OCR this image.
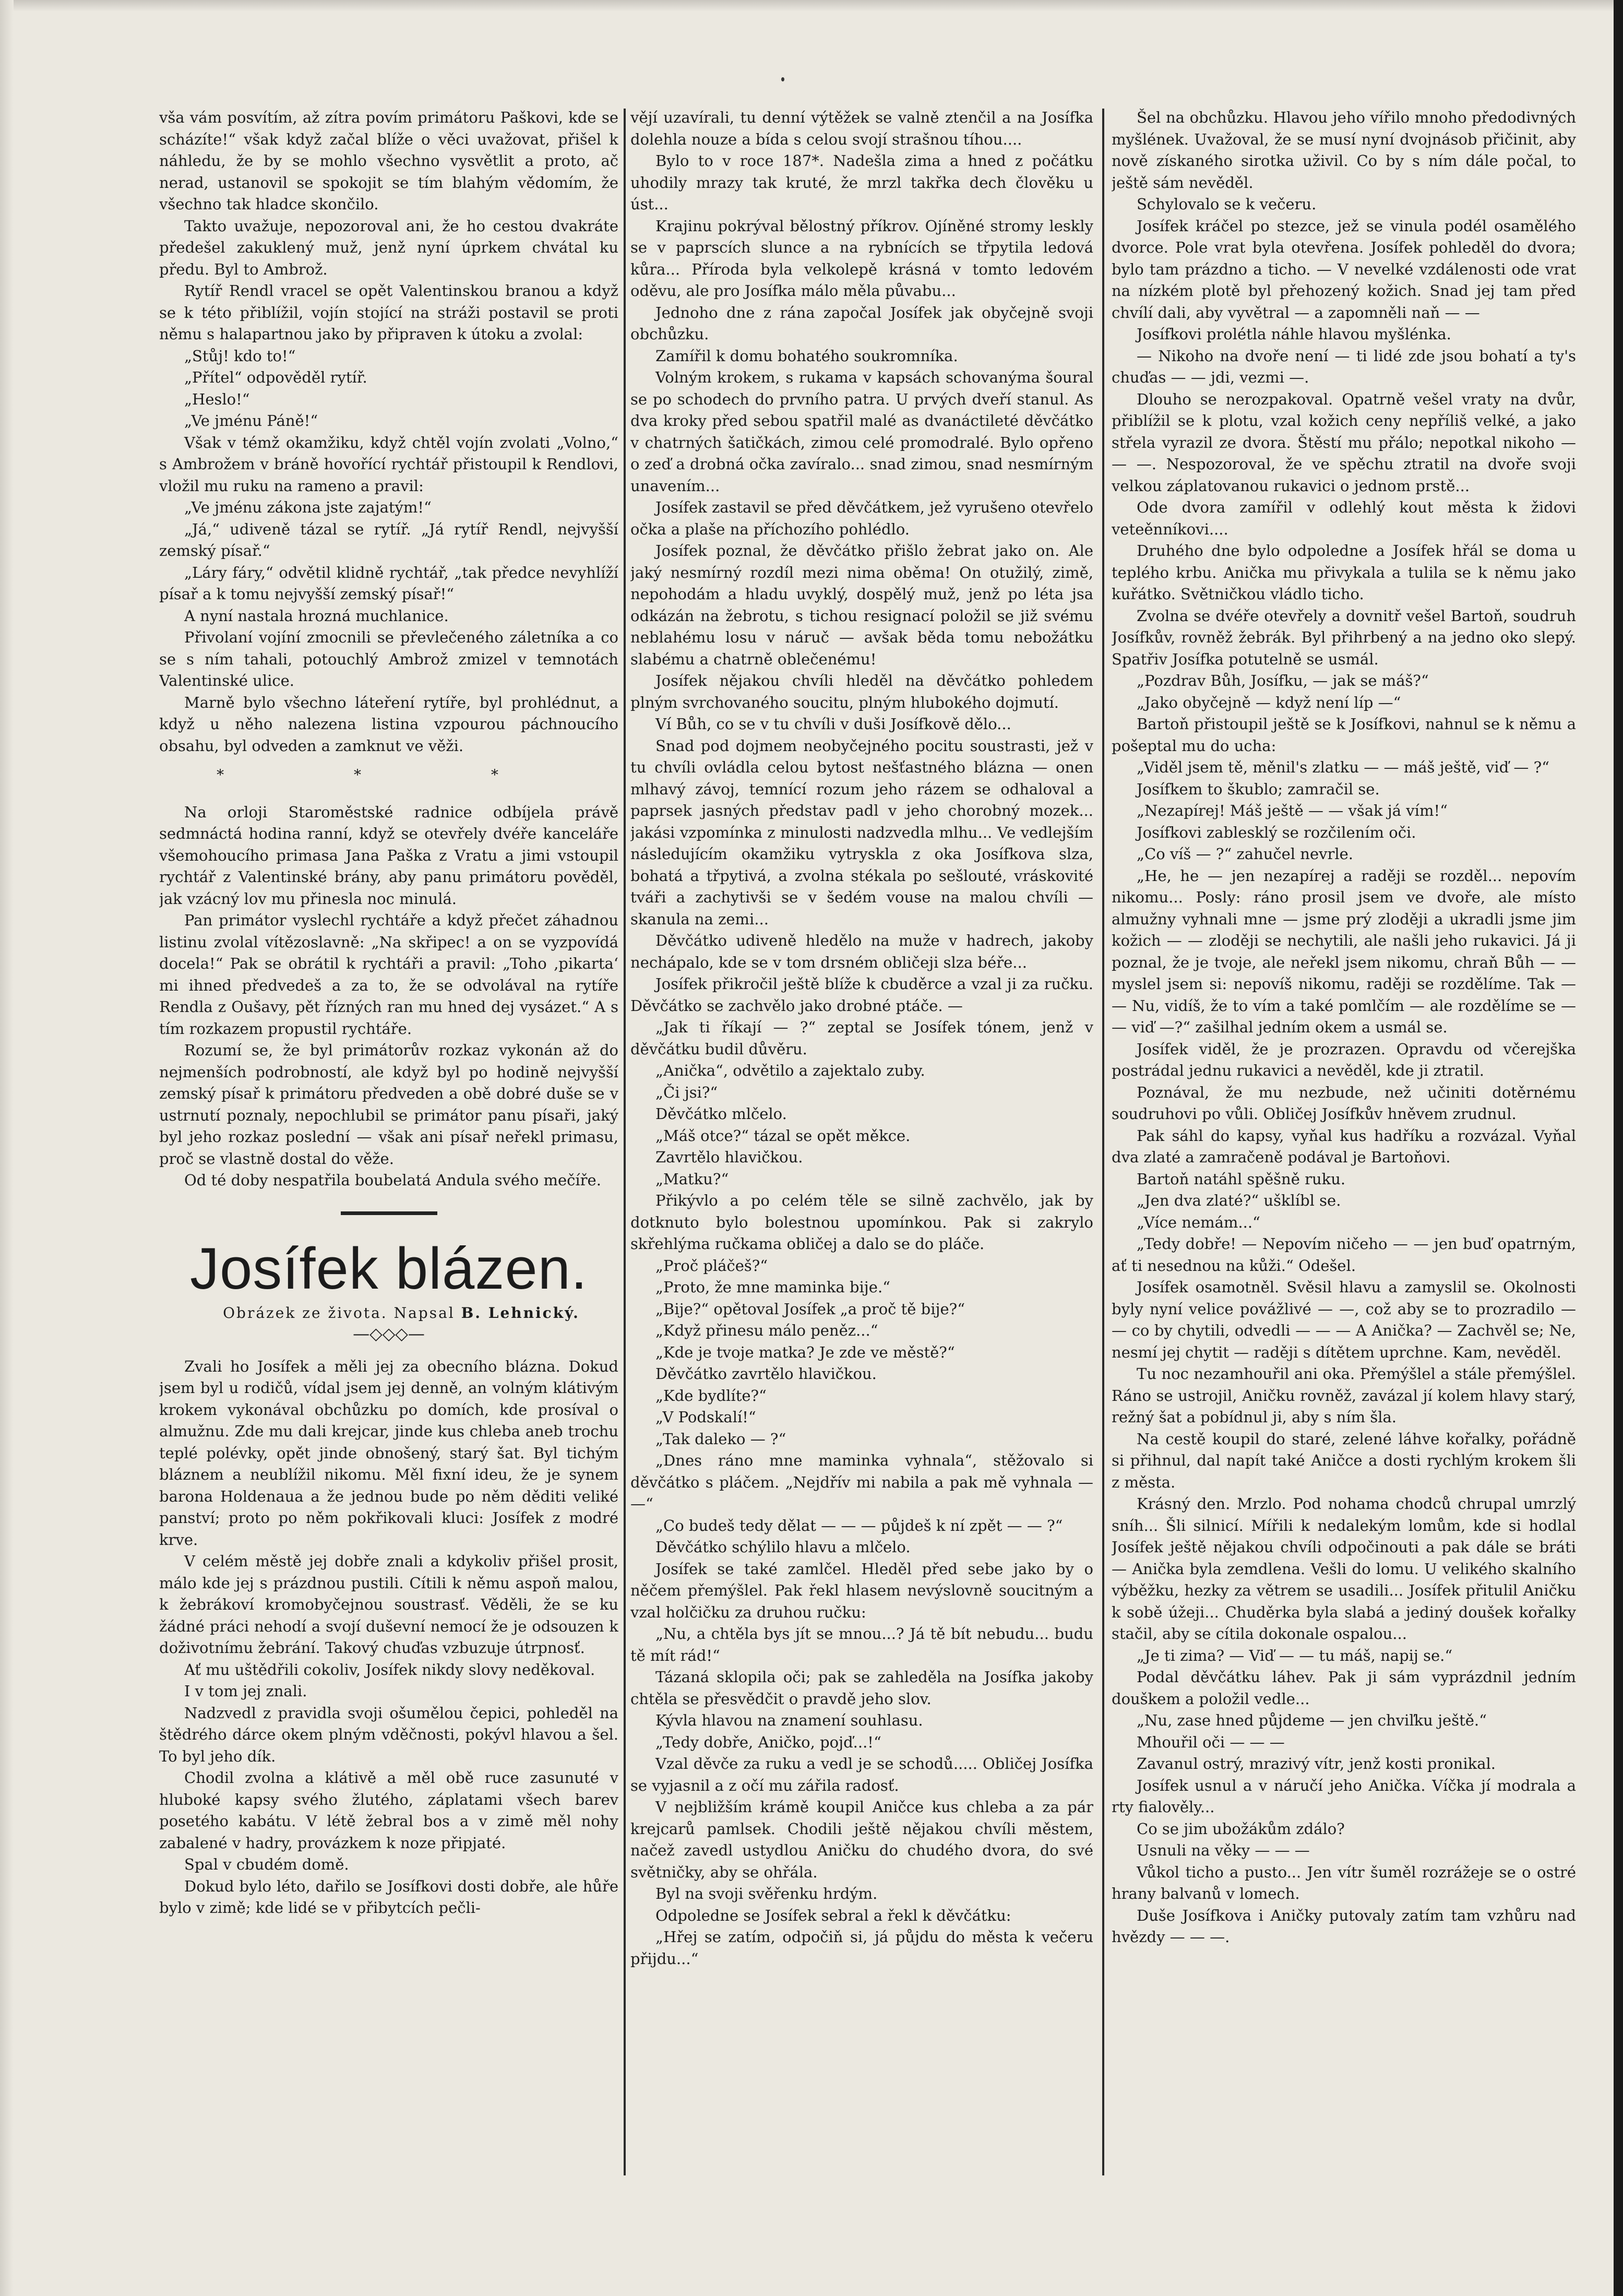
vša vám posvítím, až zítra povím primátoru Paškovi, kde se scházíte!“ však když začal blíže o věci uvažovat, přišel k náhledu, že by se mohlo všechno vysvětlit a proto, ač nerad, ustanovil se spokojit se tím blahým vědomím, že všechno tak hladce skončilo.

Takto uvažuje, nepozoroval ani, že ho cestou dvakráte předešel zakuklený muž, jenž nyní úprkem chvátal ku předu. Byl to Ambrož.

Rytíř Rendl vracel se opět Valentinskou branou a když se k této přiblížil, vojín stojící na stráži postavil se proti němu s halapartnou jako by připraven k útoku a zvolal:

„Stůj! kdo to!“

„Přítel“ odpověděl rytíř.

„Heslo!“

„Ve jménu Páně!“

Však v témž okamžiku, když chtěl vojín zvolati „Volno,“ s Ambrožem v bráně hovořící rychtář přistoupil k Rendlovi, vložil mu ruku na rameno a pravil:

„Ve jménu zákona jste zajatým!“

„Já,“ udiveně tázal se rytíř. „Já rytíř Rendl, nejvyšší zemský písař.“

„Láry fáry,“ odvětil klidně rychtář, „tak předce nevyhlíží písař a k tomu nejvyšší zemský písař!“

A nyní nastala hrozná muchlanice.

Přivolaní vojíní zmocnili se převlečeného záletníka a co se s ním tahali, potouchlý Ambrož zmizel v temnotách Valentinské ulice.

Marně bylo všechno láteření rytíře, byl prohlédnut, a když u něho nalezena listina vzpourou páchnoucího obsahu, byl odveden a zamknut ve věži.

* * *

Na orloji Staroměstské radnice odbíjela právě sedmnáctá hodina ranní, když se otevřely dvéře kanceláře všemohoucího primasa Jana Paška z Vratu a jimi vstoupil rychtář z Valentinské brány, aby panu primátoru pověděl, jak vzácný lov mu přinesla noc minulá.

Pan primátor vyslechl rychtáře a když přečet záhadnou listinu zvolal vítězoslavně: „Na skřipec! a on se vyzpovídá docela!“ Pak se obrátil k rychtáři a pravil: „Toho ‚pikarta‘ mi ihned předvedeš a za to, že se odvolával na rytíře Rendla z Oušavy, pět řízných ran mu hned dej vysázet.“ A s tím rozkazem propustil rychtáře.

Rozumí se, že byl primátorův rozkaz vykonán až do nejmenších podrobností, ale když byl po hodině nejvyšší zemský písař k primátoru předveden a obě dobré duše se v ustrnutí poznaly, nepochlubil se primátor panu písaři, jaký byl jeho rozkaz poslední — však ani písař neřekl primasu, proč se vlastně dostal do věže.

Od té doby nespatřila boubelatá Andula svého mečíře.

Josífek blázen.

Obrázek ze života. Napsal B. Lehnický.

—◇◇◇—

Zvali ho Josífek a měli jej za obecního blázna. Dokud jsem byl u rodičů, vídal jsem jej denně, an volným klátivým krokem vykonával obchůzku po domích, kde prosíval o almužnu. Zde mu dali krejcar, jinde kus chleba aneb trochu teplé polévky, opět jinde obnošený, starý šat. Byl tichým bláznem a neublížil nikomu. Měl fixní ideu, že je synem barona Holdenaua a že jednou bude po něm děditi veliké panství; proto po něm pokřikovali kluci: Josífek z modré krve.

V celém městě jej dobře znali a kdykoliv přišel prosit, málo kde jej s prázdnou pustili. Cítili k němu aspoň malou, k žebrákoví kromobyčejnou soustrasť. Věděli, že se ku žádné práci nehodí a svojí duševní nemocí že je odsouzen k doživotnímu žebrání. Takový chuďas vzbuzuje útrpnosť.

Ať mu uštědřili cokoliv, Josífek nikdy slovy neděkoval.

I v tom jej znali.

Nadzvedl z pravidla svoji ošumělou čepici, pohleděl na štědrého dárce okem plným vděčnosti, pokývl hlavou a šel. To byl jeho dík.

Chodil zvolna a klátivě a měl obě ruce zasunuté v hluboké kapsy svého žlutého, záplatami všech barev posetého kabátu. V létě žebral bos a v zimě měl nohy zabalené v hadry, provázkem k noze připjaté.

Spal v cbudém domě.

Dokud bylo léto, dařilo se Josífkovi dosti dobře, ale hůře bylo v zimě; kde lidé se v přibytcích pečli-

vějí uzavírali, tu denní výtěžek se valně ztenčil a na Josífka dolehla nouze a bída s celou svojí strašnou tíhou....

Bylo to v roce 187*. Nadešla zima a hned z počátku uhodily mrazy tak kruté, že mrzl takřka dech člověku u úst...

Krajinu pokrýval bělostný příkrov. Ojíněné stromy leskly se v paprscích slunce a na rybnících se třpytila ledová kůra... Příroda byla velkolepě krásná v tomto ledovém oděvu, ale pro Josífka málo měla půvabu...

Jednoho dne z rána započal Josífek jak obyčejně svoji obchůzku.

Zamířil k domu bohatého soukromníka.

Volným krokem, s rukama v kapsách schovanýma šoural se po schodech do prvního patra. U prvých dveří stanul. As dva kroky před sebou spatřil malé as dvanáctileté děvčátko v chatrných šatičkách, zimou celé promodralé. Bylo opřeno o zeď a drobná očka zavíralo... snad zimou, snad nesmírným unavením...

Josífek zastavil se před děvčátkem, jež vyrušeno otevřelo očka a plaše na příchozího pohlédlo.

Josífek poznal, že děvčátko přišlo žebrat jako on. Ale jaký nesmírný rozdíl mezi nima oběma! On otužilý, zimě, nepohodám a hladu uvyklý, dospělý muž, jenž po léta jsa odkázán na žebrotu, s tichou resignací položil se již svému neblahému losu v náruč — avšak běda tomu nebožátku slabému a chatrně oblečenému!

Josífek nějakou chvíli hleděl na děvčátko pohledem plným svrchovaného soucitu, plným hlubokého dojmutí.

Ví Bůh, co se v tu chvíli v duši Josífkově dělo...

Snad pod dojmem neobyčejného pocitu soustrasti, jež v tu chvíli ovládla celou bytost nešťastného blázna — onen mlhavý závoj, temnící rozum jeho rázem se odhaloval a paprsek jasných představ padl v jeho chorobný mozek... jakási vzpomínka z minulosti nadzvedla mlhu... Ve vedlejším následujícím okamžiku vytryskla z oka Josífkova slza, bohatá a třpytivá, a zvolna stékala po sešlouté, vráskovité tváři a zachytivši se v šedém vouse na malou chvíli — skanula na zemi...

Děvčátko udiveně hledělo na muže v hadrech, jakoby nechápalo, kde se v tom drsném obličeji slza béře...

Josífek přikročil ještě blíže k cbuděrce a vzal ji za ručku. Děvčátko se zachvělo jako drobné ptáče. —

„Jak ti říkají — ?“ zeptal se Josífek tónem, jenž v děvčátku budil důvěru.

„Anička“, odvětilo a zajektalo zuby.

„Či jsi?“

Děvčátko mlčelo.

„Máš otce?“ tázal se opět měkce.

Zavrtělo hlavičkou.

„Matku?“

Přikývlo a po celém těle se silně zachvělo, jak by dotknuto bylo bolestnou upomínkou. Pak si zakrylo skřehlýma ručkama obličej a dalo se do pláče.

„Proč pláčeš?“

„Proto, že mne maminka bije.“

„Bije?“ opětoval Josífek „a proč tě bije?“

„Když přinesu málo peněz...“

„Kde je tvoje matka? Je zde ve městě?“

Děvčátko zavrtělo hlavičkou.

„Kde bydlíte?“

„V Podskalí!“

„Tak daleko — ?“

„Dnes ráno mne maminka vyhnala“, stěžovalo si děvčátko s pláčem. „Nejdřív mi nabila a pak mě vyhnala — —“

„Co budeš tedy dělat — — — půjdeš k ní zpět — — ?“

Děvčátko schýlilo hlavu a mlčelo.

Josífek se také zamlčel. Hleděl před sebe jako by o něčem přemýšlel. Pak řekl hlasem nevýslovně soucitným a vzal holčičku za druhou ručku:

„Nu, a chtěla bys jít se mnou...? Já tě bít nebudu... budu tě mít rád!“

Tázaná sklopila oči; pak se zahleděla na Josífka jakoby chtěla se přesvědčit o pravdě jeho slov.

Kývla hlavou na znamení souhlasu.

„Tedy dobře, Aničko, pojď...!“

Vzal děvče za ruku a vedl je se schodů..... Obličej Josífka se vyjasnil a z očí mu zářila radosť.

V nejbližším krámě koupil Aničce kus chleba a za pár krejcarů pamlsek. Chodili ještě nějakou chvíli městem, načež zavedl ustydlou Aničku do chudého dvora, do své světničky, aby se ohřála.

Byl na svoji svěřenku hrdým.

Odpoledne se Josífek sebral a řekl k děvčátku:

„Hřej se zatím, odpočiň si, já půjdu do města k večeru přijdu...“

Šel na obchůzku. Hlavou jeho vířilo mnoho předodivných myšlének. Uvažoval, že se musí nyní dvojnásob přičinit, aby nově získaného sirotka uživil. Co by s ním dále počal, to ještě sám nevěděl.

Schylovalo se k večeru.

Josífek kráčel po stezce, jež se vinula podél osamělého dvorce. Pole vrat byla otevřena. Josífek pohleděl do dvora; bylo tam prázdno a ticho. — V nevelké vzdálenosti ode vrat na nízkém plotě byl přehozený kožich. Snad jej tam před chvílí dali, aby vyvětral — a zapomněli naň — —

Josífkovi prolétla náhle hlavou myšlénka.

— Nikoho na dvoře není — ti lidé zde jsou bohatí a ty's chuďas — — jdi, vezmi —.

Dlouho se nerozpakoval. Opatrně vešel vraty na dvůr, přiblížil se k plotu, vzal kožich ceny nepříliš velké, a jako střela vyrazil ze dvora. Štěstí mu přálo; nepotkal nikoho — — —. Nespozoroval, že ve spěchu ztratil na dvoře svoji velkou záplatovanou rukavici o jednom prstě...

Ode dvora zamířil v odlehlý kout města k židovi veteěnníkovi....

Druhého dne bylo odpoledne a Josífek hřál se doma u teplého krbu. Anička mu přivykala a tulila se k němu jako kuřátko. Světničkou vládlo ticho.

Zvolna se dvéře otevřely a dovnitř vešel Bartoň, soudruh Josífkův, rovněž žebrák. Byl přihrbený a na jedno oko slepý. Spatřiv Josífka potutelně se usmál.

„Pozdrav Bůh, Josífku, — jak se máš?“

„Jako obyčejně — když není líp —“

Bartoň přistoupil ještě se k Josífkovi, nahnul se k němu a pošeptal mu do ucha:

„Viděl jsem tě, měnil's zlatku — — máš ještě, viď — ?“

Josífkem to škublo; zamračil se.

„Nezapírej! Máš ještě — — však já vím!“

Josífkovi zablesklý se rozčilením oči.

„Co víš — ?“ zahučel nevrle.

„He, he — jen nezapírej a raději se rozděl... nepovím nikomu... Posly: ráno prosil jsem ve dvoře, ale místo almužny vyhnali mne — jsme prý zloději a ukradli jsme jim kožich — — zloději se nechytili, ale našli jeho rukavici. Já ji poznal, že je tvoje, ale neřekl jsem nikomu, chraň Bůh — — myslel jsem si: nepovíš nikomu, raději se rozdělíme. Tak — — Nu, vidíš, že to vím a také pomlčím — ale rozdělíme se — — viď —?“ zašilhal jedním okem a usmál se.

Josífek viděl, že je prozrazen. Opravdu od včerejška postrádal jednu rukavici a nevěděl, kde ji ztratil.

Poznával, že mu nezbude, než učiniti dotěrnému soudruhovi po vůli. Obličej Josífkův hněvem zrudnul.

Pak sáhl do kapsy, vyňal kus hadříku a rozvázal. Vyňal dva zlaté a zamračeně podával je Bartoňovi.

Bartoň natáhl spěšně ruku.

„Jen dva zlaté?“ ušklíbl se.

„Více nemám...“

„Tedy dobře! — Nepovím ničeho — — jen buď opatrným, ať ti nesednou na kůži.“ Odešel.

Josífek osamotněl. Svěsil hlavu a zamyslil se. Okolnosti byly nyní velice povážlivé — —, což aby se to prozradilo — — co by chytili, odvedli — — — A Anička? — Zachvěl se; Ne, nesmí jej chytit — raději s dítětem uprchne. Kam, nevěděl.

Tu noc nezamhouřil ani oka. Přemýšlel a stále přemýšlel. Ráno se ustrojil, Aničku rovněž, zavázal jí kolem hlavy starý, režný šat a pobídnul ji, aby s ním šla.

Na cestě koupil do staré, zelené láhve kořalky, pořádně si přihnul, dal napít také Aničce a dosti rychlým krokem šli z města.

Krásný den. Mrzlo. Pod nohama chodců chrupal umrzlý sníh... Šli silnicí. Mířili k nedalekým lomům, kde si hodlal Josífek ještě nějakou chvíli odpočinouti a pak dále se bráti — Anička byla zemdlena. Vešli do lomu. U velikého skalního výběžku, hezky za větrem se usadili... Josífek přitulil Aničku k sobě úžeji... Chuděrka byla slabá a jediný doušek kořalky stačil, aby se cítila dokonale ospalou...

„Je ti zima? — Viď — — tu máš, napij se.“

Podal děvčátku láhev. Pak ji sám vyprázdnil jedním douškem a položil vedle...

„Nu, zase hned půjdeme — jen chviľku ještě.“

Mhouřil oči — — —

Zavanul ostrý, mrazivý vítr, jenž kosti pronikal.

Josífek usnul a v náručí jeho Anička. Víčka jí modrala a rty fialověly...

Co se jim ubožákům zdálo?

Usnuli na věky — — —

Vůkol ticho a pusto... Jen vítr šuměl rozrážeje se o ostré hrany balvanů v lomech.

Duše Josífkova i Aničky putovaly zatím tam vzhůru nad hvězdy — — —.
